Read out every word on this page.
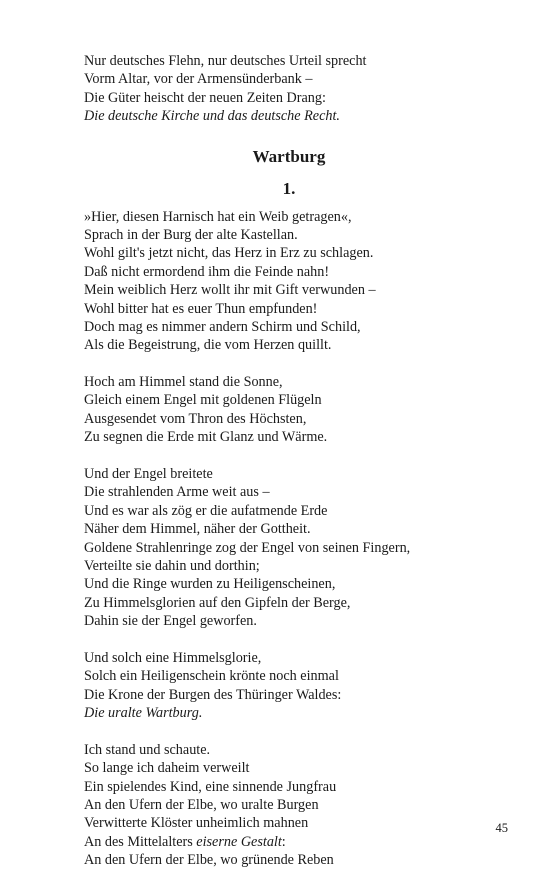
Nur deutsches Flehn, nur deutsches Urteil sprecht
Vorm Altar, vor der Armensünderbank –
Die Güter heischt der neuen Zeiten Drang:
Die deutsche Kirche und das deutsche Recht.
Wartburg
1.
»Hier, diesen Harnisch hat ein Weib getragen«,
Sprach in der Burg der alte Kastellan.
Wohl gilt's jetzt nicht, das Herz in Erz zu schlagen.
Daß nicht ermordend ihm die Feinde nahn!
Mein weiblich Herz wollt ihr mit Gift verwunden –
Wohl bitter hat es euer Thun empfunden!
Doch mag es nimmer andern Schirm und Schild,
Als die Begeistrung, die vom Herzen quillt.
Hoch am Himmel stand die Sonne,
Gleich einem Engel mit goldenen Flügeln
Ausgesendet vom Thron des Höchsten,
Zu segnen die Erde mit Glanz und Wärme.
Und der Engel breitete
Die strahlenden Arme weit aus –
Und es war als zög er die aufatmende Erde
Näher dem Himmel, näher der Gottheit.
Goldene Strahlenringe zog der Engel von seinen Fingern,
Verteilte sie dahin und dorthin;
Und die Ringe wurden zu Heiligenscheinen,
Zu Himmelsglorien auf den Gipfeln der Berge,
Dahin sie der Engel geworfen.
Und solch eine Himmelsglorie,
Solch ein Heiligenschein krönte noch einmal
Die Krone der Burgen des Thüringer Waldes:
Die uralte Wartburg.
Ich stand und schaute.
So lange ich daheim verweilt
Ein spielendes Kind, eine sinnende Jungfrau
An den Ufern der Elbe, wo uralte Burgen
Verwitterte Klöster unheimlich mahnen
An des Mittelalters eiserne Gestalt:
An den Ufern der Elbe, wo grünende Reben
45
